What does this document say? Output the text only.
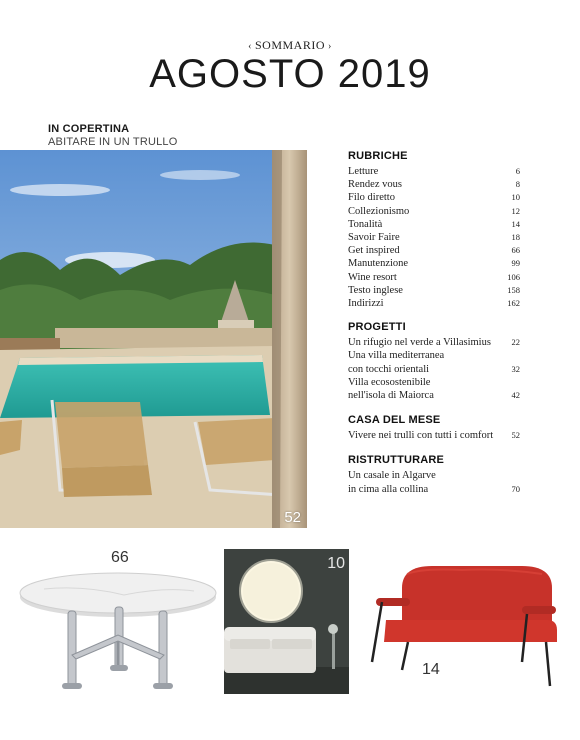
‹ SOMMARIO ›
AGOSTO 2019
IN COPERTINA
ABITARE IN UN TRULLO
52
RUBRICHE
Letture	6
Rendez vous	8
Filo diretto	10
Collezionismo	12
Tonalità	14
Savoir Faire	18
Get inspired	66
Manutenzione	99
Wine resort	106
Testo inglese	158
Indirizzi	162
PROGETTI
Un rifugio nel verde a Villasimius	22
Una villa mediterranea
con tocchi orientali	32
Villa ecosostenibile
nell'isola di Maiorca	42
CASA DEL MESE
Vivere nei trulli con tutti i comfort	52
RISTRUTTURARE
Un casale in Algarve
in cima alla collina	70
66	10
14
